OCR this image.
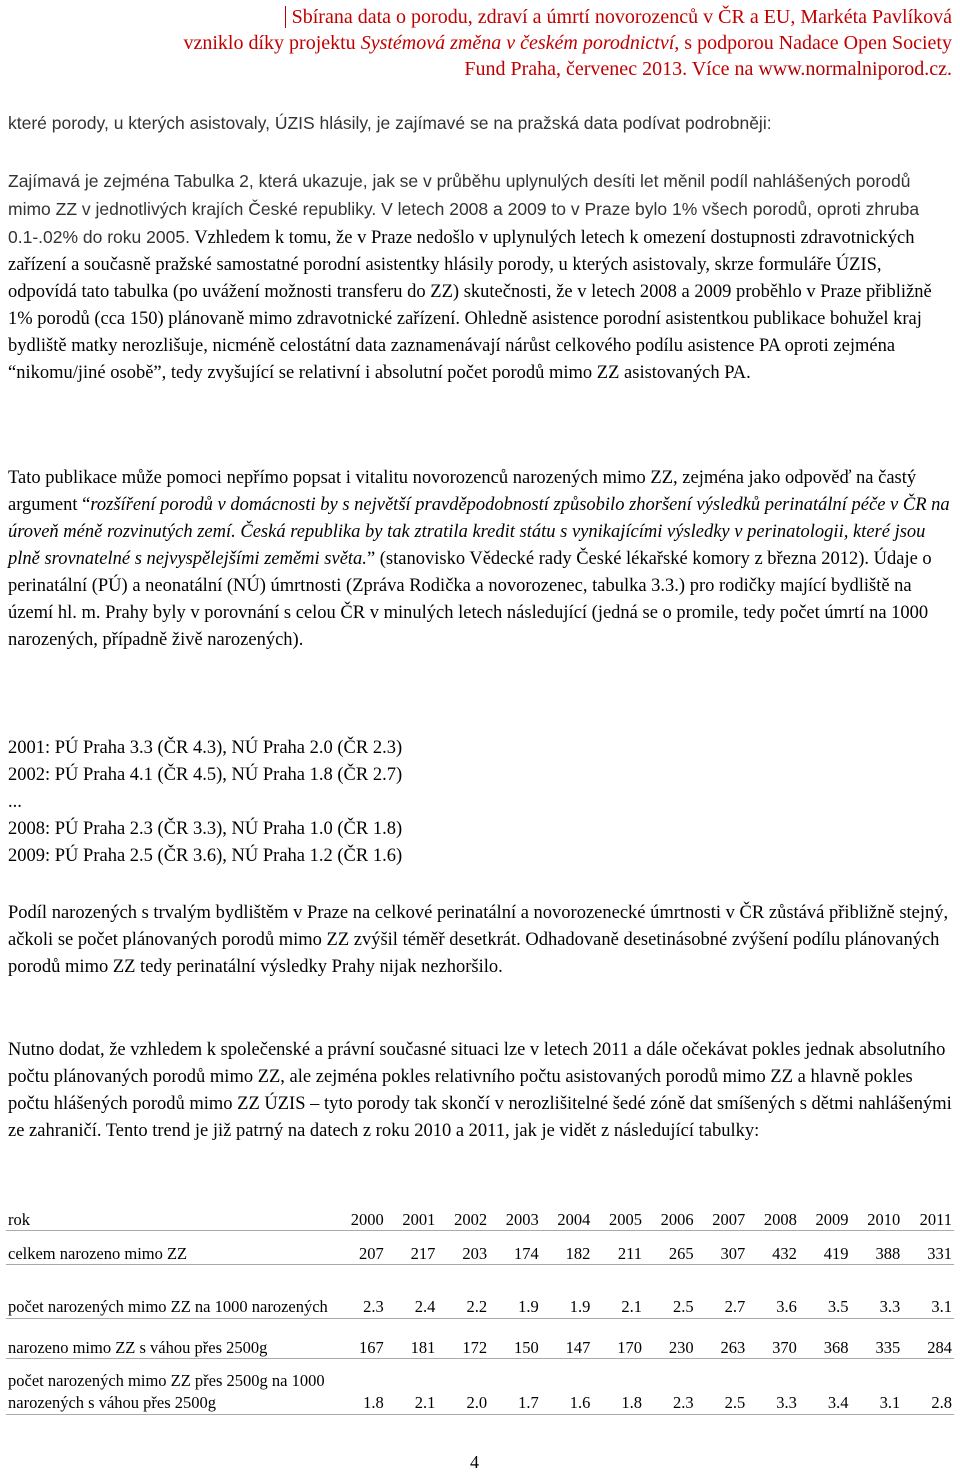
Sbírana data o porodu, zdraví a úmrtí novorozenců v ČR a EU, Markéta Pavlíková
vzniklo díky projektu Systémová změna v českém porodnictví, s podporou Nadace Open Society
Fund Praha, červenec 2013. Více na www.normalniporod.cz.
které porody, u kterých asistovaly, ÚZIS hlásily, je zajímavé se na pražská data podívat podrobněji:
Zajímavá je zejména Tabulka 2, která ukazuje, jak se v průběhu uplynulých desíti let měnil podíl nahlášených porodů mimo ZZ v jednotlivých krajích České republiky. V letech 2008 a 2009 to v Praze bylo 1% všech porodů, oproti zhruba 0.1-.02% do roku 2005. Vzhledem k tomu, že v Praze nedošlo v uplynulých letech k omezení dostupnosti zdravotnických zařízení a současně pražské samostatné porodní asistentky hlásily porody, u kterých asistovaly, skrze formuláře ÚZIS, odpovídá tato tabulka (po uvážení možnosti transferu do ZZ) skutečnosti, že v letech 2008 a 2009 proběhlo v Praze přibližně 1% porodů (cca 150) plánovaně mimo zdravotnické zařízení. Ohledně asistence porodní asistentkou publikace bohužel kraj bydliště matky nerozlišuje, nicméně celostátní data zaznamenávají nárůst celkového podílu asistence PA oproti zejména “nikomu/jiné osobě”, tedy zvyšující se relativní i absolutní počet porodů mimo ZZ asistovaných PA.
Tato publikace může pomoci nepřímo popsat i vitalitu novorozenců narozených mimo ZZ, zejména jako odpověď na častý argument “rozšíření porodů v domácnosti by s největší pravděpodobností způsobilo zhoršení výsledků perinatální péče v ČR na úroveň méně rozvinutých zemí. Česká republika by tak ztratila kredit státu s vynikajícími výsledky v perinatologii, které jsou plně srovnatelné s nejvyspělejšími zeměmi světa.” (stanovisko Vědecké rady České lékařské komory z března 2012). Údaje o perinatální (PÚ) a neonatální (NÚ) úmrtnosti (Zpráva Rodička a novorozenec, tabulka 3.3.) pro rodičky mající bydliště na území hl. m. Prahy byly v porovnání s celou ČR v minulých letech následující (jedná se o promile, tedy počet úmrtí na 1000 narozených, případně živě narozených).
2001: PÚ Praha 3.3 (ČR 4.3), NÚ Praha 2.0 (ČR 2.3)
2002: PÚ Praha 4.1 (ČR 4.5), NÚ Praha 1.8 (ČR 2.7)
...
2008: PÚ Praha 2.3 (ČR 3.3), NÚ Praha 1.0 (ČR 1.8)
2009: PÚ Praha 2.5 (ČR 3.6), NÚ Praha 1.2 (ČR 1.6)
Podíl narozených s trvalým bydlištěm v Praze na celkové perinatální a novorozenecké úmrtnosti v ČR zůstává přibližně stejný, ačkoli se počet plánovaných porodů mimo ZZ zvýšil téměř desetkrát. Odhadovaně desetinásobné zvýšení podílu plánovaných porodů mimo ZZ tedy perinatální výsledky Prahy nijak nezhoršilo.
Nutno dodat, že vzhledem k společenské a právní současné situaci lze v letech 2011 a dále očekávat pokles jednak absolutního počtu plánovaných porodů mimo ZZ, ale zejména pokles relativního počtu asistovaných porodů mimo ZZ a hlavně pokles počtu hlášených porodů mimo ZZ ÚZIS – tyto porody tak skončí v nerozlišitelné šedé zóně dat smíšených s dětmi nahlášenými ze zahraničí. Tento trend je již patrný na datech z roku 2010 a 2011, jak je vidět z následující tabulky:
rok	2000	2001	2002	2003	2004	2005	2006	2007	2008	2009	2010	2011
celkem narozeno mimo ZZ	207	217	203	174	182	211	265	307	432	419	388	331
počet narozených mimo ZZ na 1000 narozených	2.3	2.4	2.2	1.9	1.9	2.1	2.5	2.7	3.6	3.5	3.3	3.1
narozeno mimo ZZ s váhou přes 2500g	167	181	172	150	147	170	230	263	370	368	335	284
počet narozených mimo ZZ přes 2500g na 1000 narozených s váhou přes 2500g	1.8	2.1	2.0	1.7	1.6	1.8	2.3	2.5	3.3	3.4	3.1	2.8
4
